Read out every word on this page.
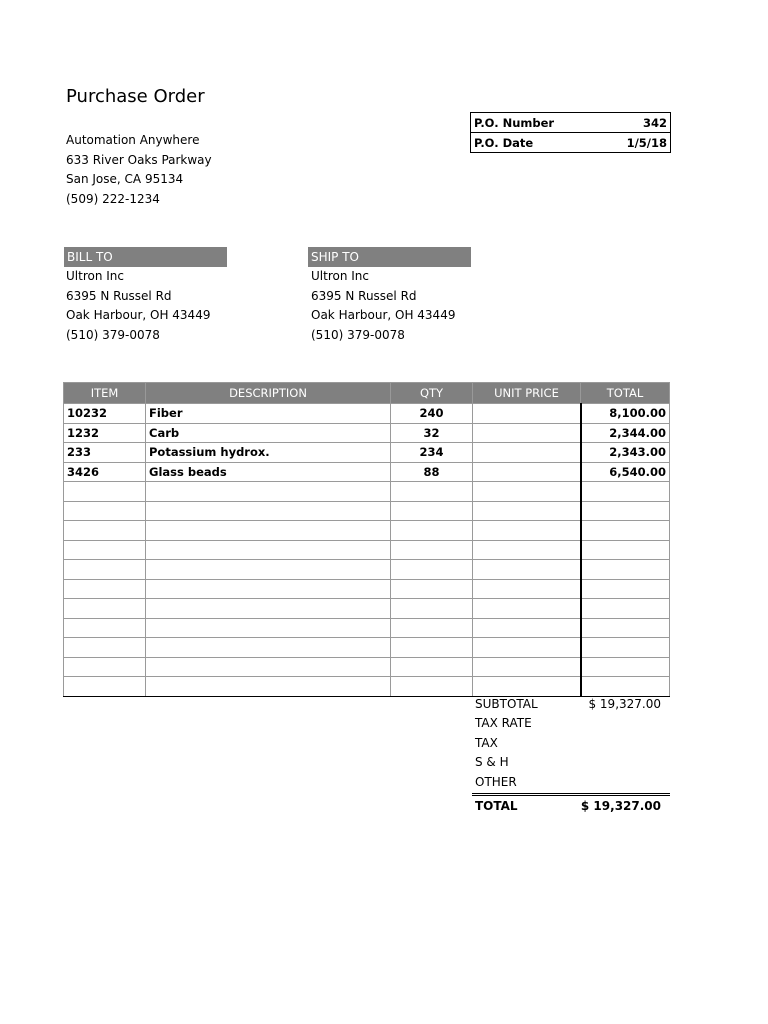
Purchase Order
Automation Anywhere
633 River Oaks Parkway
San Jose, CA 95134
(509) 222-1234
P.O. Number	342
P.O. Date	1/5/18
BILL TO
Ultron Inc
6395 N Russel Rd
Oak Harbour, OH 43449
(510) 379-0078
SHIP TO
Ultron Inc
6395 N Russel Rd
Oak Harbour, OH 43449
(510) 379-0078
ITEM	DESCRIPTION	QTY	UNIT PRICE	TOTAL
10232	Fiber	240		8,100.00
1232	Carb	32		2,344.00
233	Potassium hydrox.	234		2,343.00
3426	Glass beads	88		6,540.00

SUBTOTAL	$ 19,327.00
TAX RATE
TAX
S & H
OTHER
TOTAL	$ 19,327.00
